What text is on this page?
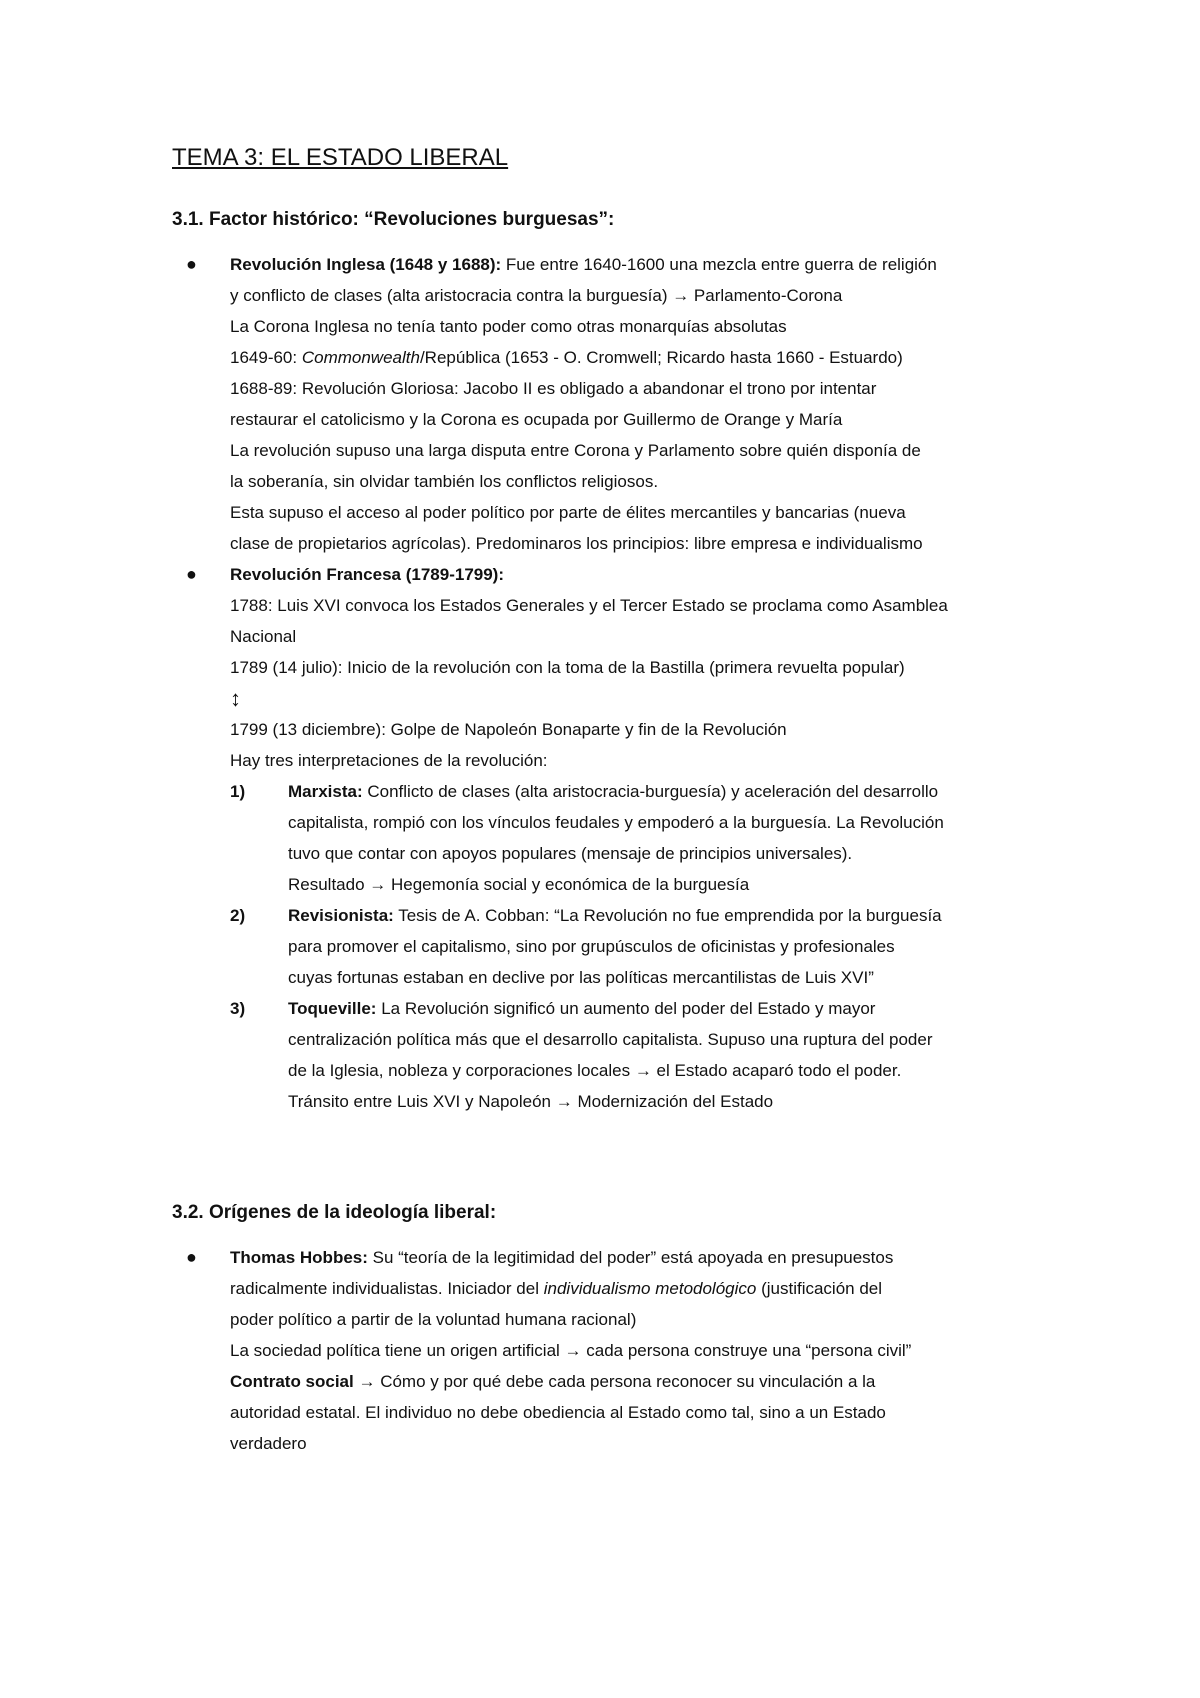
TEMA 3: EL ESTADO LIBERAL
3.1. Factor histórico: “Revoluciones burguesas”:
● Revolución Inglesa (1648 y 1688): Fue entre 1640-1600 una mezcla entre guerra de religión
y conflicto de clases (alta aristocracia contra la burguesía) → Parlamento-Corona
La Corona Inglesa no tenía tanto poder como otras monarquías absolutas
1649-60: Commonwealth/República (1653 - O. Cromwell; Ricardo hasta 1660 - Estuardo)
1688-89: Revolución Gloriosa: Jacobo II es obligado a abandonar el trono por intentar
restaurar el catolicismo y la Corona es ocupada por Guillermo de Orange y María
La revolución supuso una larga disputa entre Corona y Parlamento sobre quién disponía de
la soberanía, sin olvidar también los conflictos religiosos.
Esta supuso el acceso al poder político por parte de élites mercantiles y bancarias (nueva
clase de propietarios agrícolas). Predominaros los principios: libre empresa e individualismo
● Revolución Francesa (1789-1799):
1788: Luis XVI convoca los Estados Generales y el Tercer Estado se proclama como Asamblea
Nacional
1789 (14 julio): Inicio de la revolución con la toma de la Bastilla (primera revuelta popular)
↕
1799 (13 diciembre): Golpe de Napoleón Bonaparte y fin de la Revolución
Hay tres interpretaciones de la revolución:
1)	Marxista: Conflicto de clases (alta aristocracia-burguesía) y aceleración del desarrollo
capitalista, rompió con los vínculos feudales y empoderó a la burguesía. La Revolución
tuvo que contar con apoyos populares (mensaje de principios universales).
Resultado → Hegemonía social y económica de la burguesía
2)	Revisionista: Tesis de A. Cobban: “La Revolución no fue emprendida por la burguesía
para promover el capitalismo, sino por grupúsculos de oficinistas y profesionales
cuyas fortunas estaban en declive por las políticas mercantilistas de Luis XVI”
3)	Toqueville: La Revolución significó un aumento del poder del Estado y mayor
centralización política más que el desarrollo capitalista. Supuso una ruptura del poder
de la Iglesia, nobleza y corporaciones locales → el Estado acaparó todo el poder.
Tránsito entre Luis XVI y Napoleón → Modernización del Estado
3.2. Orígenes de la ideología liberal:
● Thomas Hobbes: Su “teoría de la legitimidad del poder” está apoyada en presupuestos
radicalmente individualistas. Iniciador del individualismo metodológico (justificación del
poder político a partir de la voluntad humana racional)
La sociedad política tiene un origen artificial → cada persona construye una “persona civil”
Contrato social → Cómo y por qué debe cada persona reconocer su vinculación a la
autoridad estatal. El individuo no debe obediencia al Estado como tal, sino a un Estado
verdadero
